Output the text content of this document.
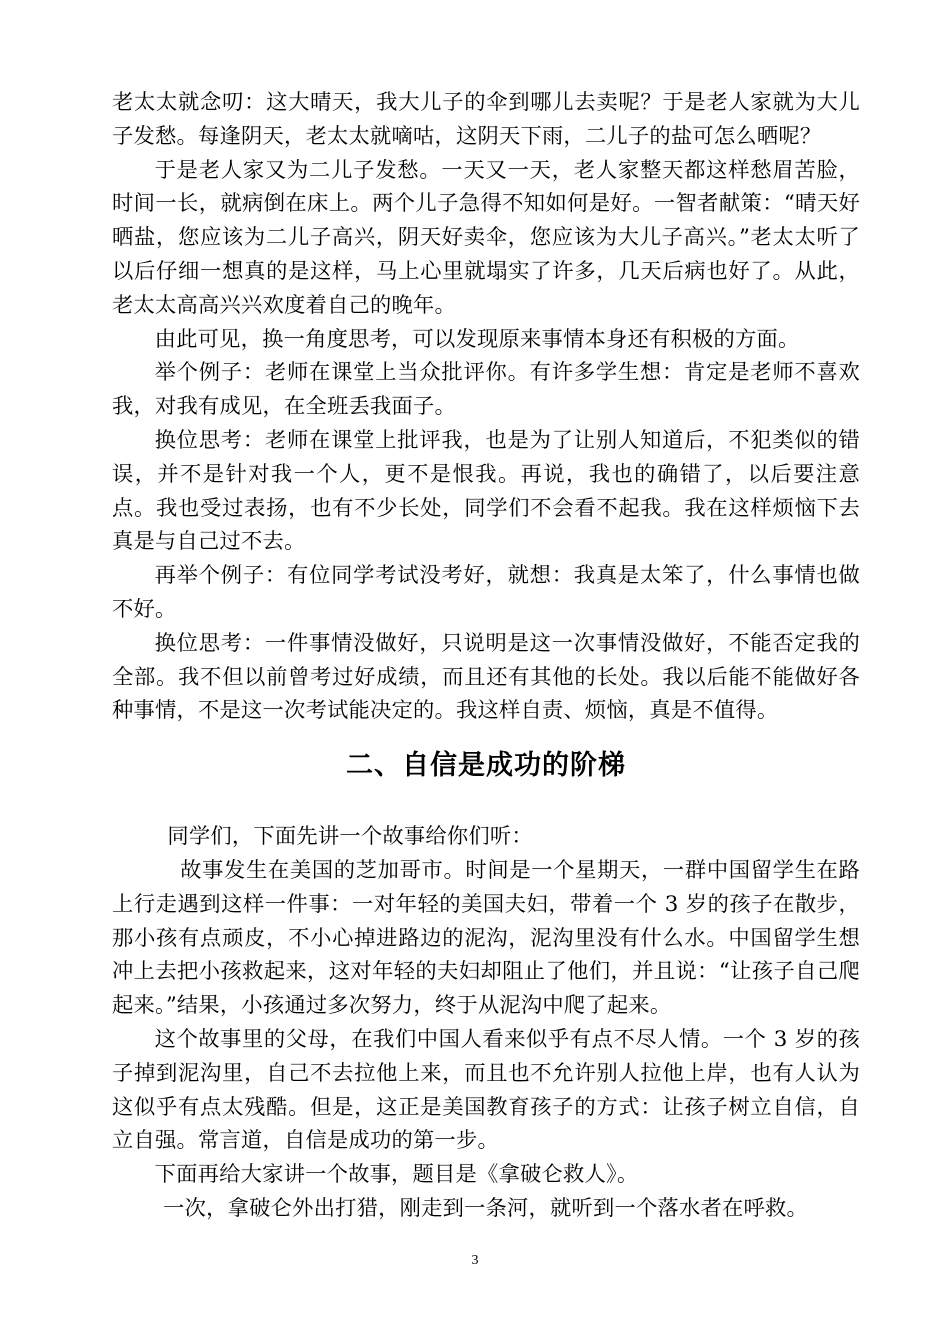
老太太就念叨：这大晴天，我大儿子的伞到哪儿去卖呢？于是老人家就为大儿子发愁。每逢阴天，老太太就嘀咕，这阴天下雨，二儿子的盐可怎么晒呢？

于是老人家又为二儿子发愁。一天又一天，老人家整天都这样愁眉苦脸，时间一长，就病倒在床上。两个儿子急得不知如何是好。一智者献策：“晴天好晒盐，您应该为二儿子高兴，阴天好卖伞，您应该为大儿子高兴。”老太太听了以后仔细一想真的是这样，马上心里就塌实了许多，几天后病也好了。从此，老太太高高兴兴欢度着自己的晚年。

由此可见，换一角度思考，可以发现原来事情本身还有积极的方面。

举个例子：老师在课堂上当众批评你。有许多学生想：肯定是老师不喜欢我，对我有成见，在全班丢我面子。

换位思考：老师在课堂上批评我，也是为了让别人知道后，不犯类似的错误，并不是针对我一个人，更不是恨我。再说，我也的确错了，以后要注意点。我也受过表扬，也有不少长处，同学们不会看不起我。我在这样烦恼下去真是与自己过不去。

再举个例子：有位同学考试没考好，就想：我真是太笨了，什么事情也做不好。

换位思考：一件事情没做好，只说明是这一次事情没做好，不能否定我的全部。我不但以前曾考过好成绩，而且还有其他的长处。我以后能不能做好各种事情，不是这一次考试能决定的。我这样自责、烦恼，真是不值得。

二、自信是成功的阶梯

同学们，下面先讲一个故事给你们听：

故事发生在美国的芝加哥市。时间是一个星期天，一群中国留学生在路上行走遇到这样一件事：一对年轻的美国夫妇，带着一个 3 岁的孩子在散步，那小孩有点顽皮，不小心掉进路边的泥沟，泥沟里没有什么水。中国留学生想冲上去把小孩救起来，这对年轻的夫妇却阻止了他们，并且说：“让孩子自己爬起来。”结果，小孩通过多次努力，终于从泥沟中爬了起来。

这个故事里的父母，在我们中国人看来似乎有点不尽人情。一个 3 岁的孩子掉到泥沟里，自己不去拉他上来，而且也不允许别人拉他上岸，也有人认为这似乎有点太残酷。但是，这正是美国教育孩子的方式：让孩子树立自信，自立自强。常言道，自信是成功的第一步。

下面再给大家讲一个故事，题目是《拿破仑救人》。

一次，拿破仑外出打猎，刚走到一条河，就听到一个落水者在呼救。

3
